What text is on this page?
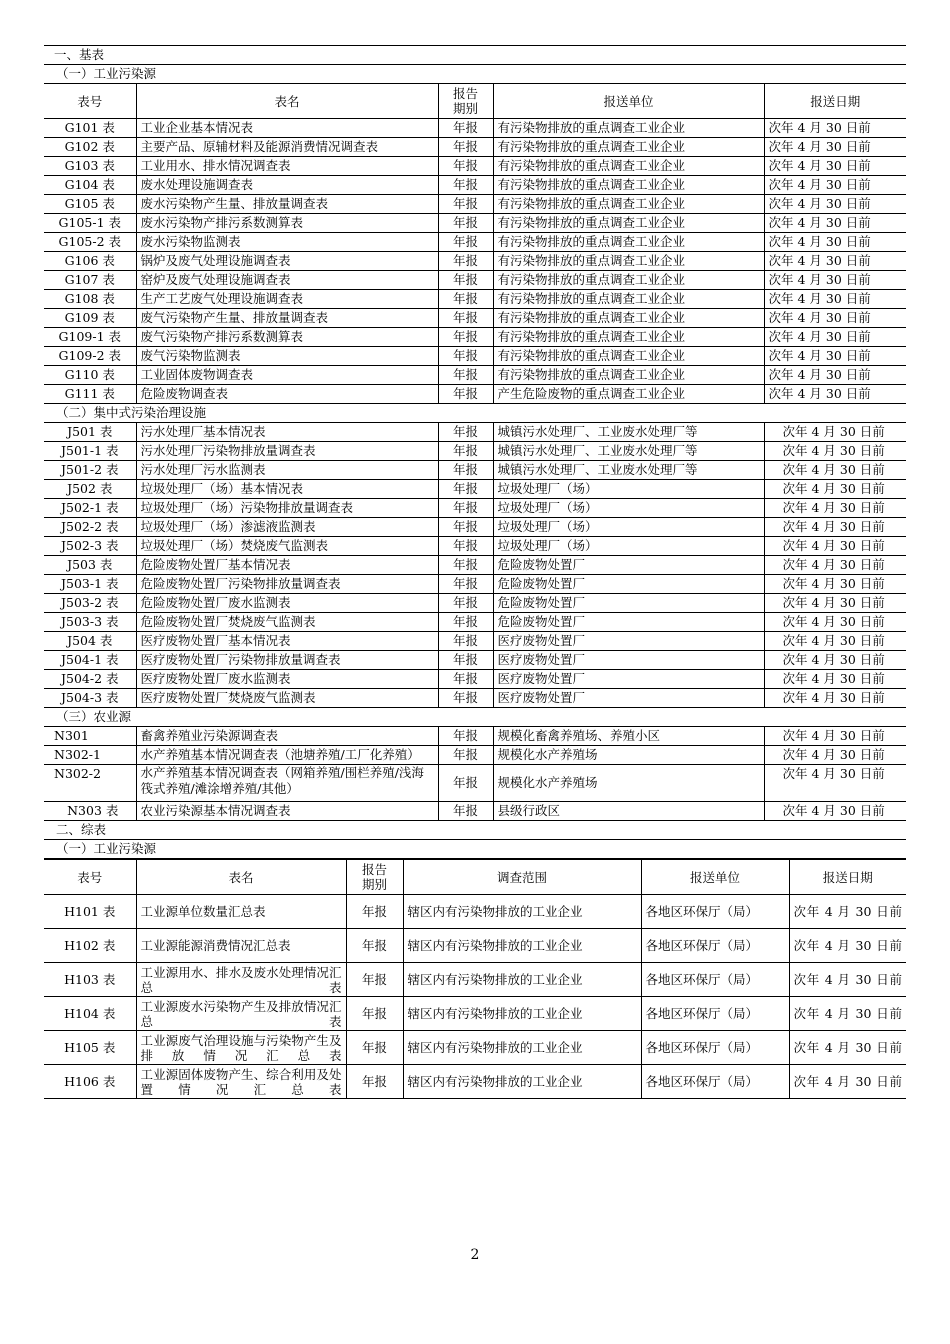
一、基表				
（一）工业污染源				
表号	表名	报告期别	报送单位	报送日期
G101 表	工业企业基本情况表	年报	有污染物排放的重点调查工业企业	次年 4 月 30 日前
G102 表	主要产品、原辅材料及能源消费情况调查表	年报	有污染物排放的重点调查工业企业	次年 4 月 30 日前
G103 表	工业用水、排水情况调查表	年报	有污染物排放的重点调查工业企业	次年 4 月 30 日前
G104 表	废水处理设施调查表	年报	有污染物排放的重点调查工业企业	次年 4 月 30 日前
G105 表	废水污染物产生量、排放量调查表	年报	有污染物排放的重点调查工业企业	次年 4 月 30 日前
G105-1 表	废水污染物产排污系数测算表	年报	有污染物排放的重点调查工业企业	次年 4 月 30 日前
G105-2 表	废水污染物监测表	年报	有污染物排放的重点调查工业企业	次年 4 月 30 日前
G106 表	锅炉及废气处理设施调查表	年报	有污染物排放的重点调查工业企业	次年 4 月 30 日前
G107 表	窑炉及废气处理设施调查表	年报	有污染物排放的重点调查工业企业	次年 4 月 30 日前
G108 表	生产工艺废气处理设施调查表	年报	有污染物排放的重点调查工业企业	次年 4 月 30 日前
G109 表	废气污染物产生量、排放量调查表	年报	有污染物排放的重点调查工业企业	次年 4 月 30 日前
G109-1 表	废气污染物产排污系数测算表	年报	有污染物排放的重点调查工业企业	次年 4 月 30 日前
G109-2 表	废气污染物监测表	年报	有污染物排放的重点调查工业企业	次年 4 月 30 日前
G110 表	工业固体废物调查表	年报	有污染物排放的重点调查工业企业	次年 4 月 30 日前
G111 表	危险废物调查表	年报	产生危险废物的重点调查工业企业	次年 4 月 30 日前
（二）集中式污染治理设施				
J501 表	污水处理厂基本情况表	年报	城镇污水处理厂、工业废水处理厂等	次年 4 月 30 日前
J501-1 表	污水处理厂污染物排放量调查表	年报	城镇污水处理厂、工业废水处理厂等	次年 4 月 30 日前
J501-2 表	污水处理厂污水监测表	年报	城镇污水处理厂、工业废水处理厂等	次年 4 月 30 日前
J502 表	垃圾处理厂（场）基本情况表	年报	垃圾处理厂（场）	次年 4 月 30 日前
J502-1 表	垃圾处理厂（场）污染物排放量调查表	年报	垃圾处理厂（场）	次年 4 月 30 日前
J502-2 表	垃圾处理厂（场）渗滤液监测表	年报	垃圾处理厂（场）	次年 4 月 30 日前
J502-3 表	垃圾处理厂（场）焚烧废气监测表	年报	垃圾处理厂（场）	次年 4 月 30 日前
J503 表	危险废物处置厂基本情况表	年报	危险废物处置厂	次年 4 月 30 日前
J503-1 表	危险废物处置厂污染物排放量调查表	年报	危险废物处置厂	次年 4 月 30 日前
J503-2 表	危险废物处置厂废水监测表	年报	危险废物处置厂	次年 4 月 30 日前
J503-3 表	危险废物处置厂焚烧废气监测表	年报	危险废物处置厂	次年 4 月 30 日前
J504 表	医疗废物处置厂基本情况表	年报	医疗废物处置厂	次年 4 月 30 日前
J504-1 表	医疗废物处置厂污染物排放量调查表	年报	医疗废物处置厂	次年 4 月 30 日前
J504-2 表	医疗废物处置厂废水监测表	年报	医疗废物处置厂	次年 4 月 30 日前
J504-3 表	医疗废物处置厂焚烧废气监测表	年报	医疗废物处置厂	次年 4 月 30 日前
（三）农业源				
N301	畜禽养殖业污染源调查表	年报	规模化畜禽养殖场、养殖小区	次年 4 月 30 日前
N302-1	水产养殖基本情况调查表（池塘养殖/工厂化养殖）	年报	规模化水产养殖场	次年 4 月 30 日前
N302-2	水产养殖基本情况调查表（网箱养殖/围栏养殖/浅海筏式养殖/滩涂增养殖/其他）	年报	规模化水产养殖场	次年 4 月 30 日前
N303 表	农业污染源基本情况调查表	年报	县级行政区	次年 4 月 30 日前
二、综表				
（一）工业污染源				
表号	表名	报告期别	调查范围	报送单位	报送日期
H101 表	工业源单位数量汇总表	年报	辖区内有污染物排放的工业企业	各地区环保厅（局）	次年 4 月 30 日前
H102 表	工业源能源消费情况汇总表	年报	辖区内有污染物排放的工业企业	各地区环保厅（局）	次年 4 月 30 日前
H103 表	工业源用水、排水及废水处理情况汇总表	年报	辖区内有污染物排放的工业企业	各地区环保厅（局）	次年 4 月 30 日前
H104 表	工业源废水污染物产生及排放情况汇总表	年报	辖区内有污染物排放的工业企业	各地区环保厅（局）	次年 4 月 30 日前
H105 表	工业源废气治理设施与污染物产生及排放情况汇总表	年报	辖区内有污染物排放的工业企业	各地区环保厅（局）	次年 4 月 30 日前
H106 表	工业源固体废物产生、综合利用及处置情况汇总表	年报	辖区内有污染物排放的工业企业	各地区环保厅（局）	次年 4 月 30 日前
2
